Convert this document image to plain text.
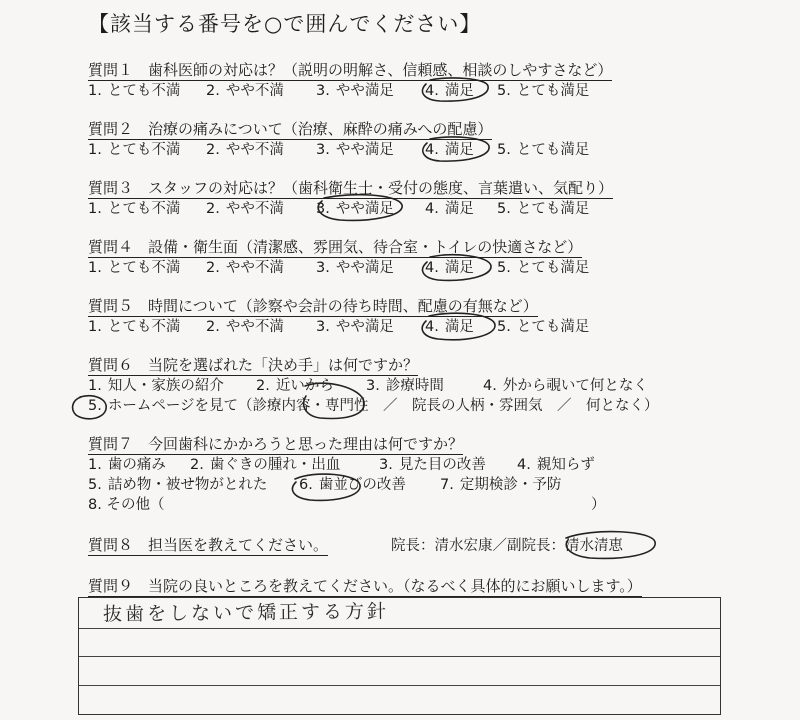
【該当する番号を○で囲んでください】
質問１　歯科医師の対応は？（説明の明解さ、信頼感、相談のしやすさなど）
1. とても不満 2. やや不満 3. やや満足 4. 満足 5. とても満足
質問２　治療の痛みについて（治療、麻酔の痛みへの配慮）
1. とても不満 2. やや不満 3. やや満足 4. 満足 5. とても満足
質問３　スタッフの対応は？（歯科衛生士・受付の態度、言葉遣い、気配り）
1. とても不満 2. やや不満 3. やや満足 4. 満足 5. とても満足
質問４　設備・衛生面（清潔感、雰囲気、待合室・トイレの快適さなど）
1. とても不満 2. やや不満 3. やや満足 4. 満足 5. とても満足
質問５　時間について（診察や会計の待ち時間、配慮の有無など）
1. とても不満 2. やや不満 3. やや満足 4. 満足 5. とても満足
質問６　当院を選ばれた「決め手」は何ですか？
1. 知人・家族の紹介 2. 近いから 3. 診療時間	4. 外から覗いて何となく
5. ホームページを見て（診療内容・専門性　／　院長の人柄・雰囲気　／　何となく）
質問７　今回歯科にかかろうと思った理由は何ですか？
1. 歯の痛み 2. 歯ぐきの腫れ・出血	3. 見た目の改善 4. 親知らず
5. 詰め物・被せ物がとれた 6. 歯並びの改善 7. 定期検診・予防
8. その他（	）
質問８　担当医を教えてください。	院長：清水宏康／副院長：清水清恵
質問９　当院の良いところを教えてください。（なるべく具体的にお願いします。）
抜歯をしないで矯正する方針
